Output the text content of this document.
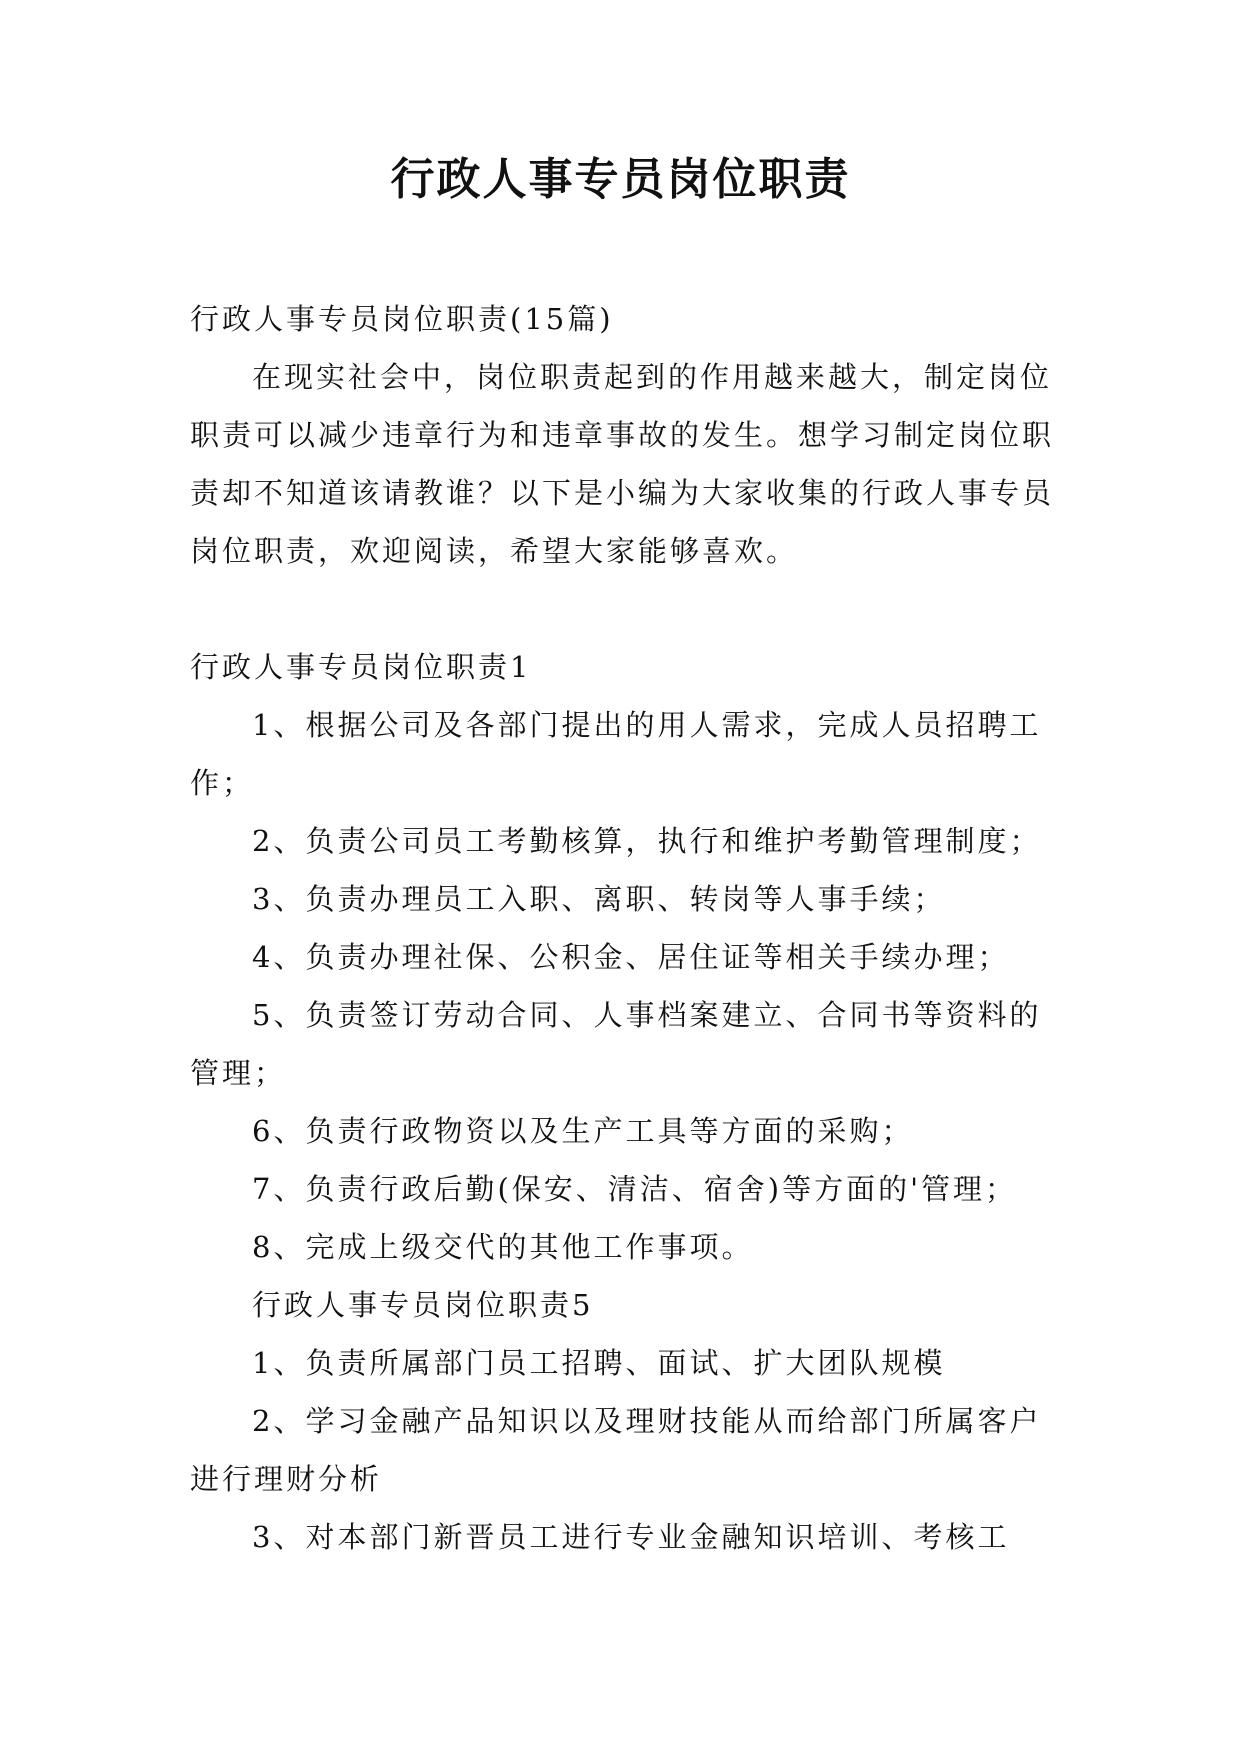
行政人事专员岗位职责

行政人事专员岗位职责(15篇)

在现实社会中，岗位职责起到的作用越来越大，制定岗位职责可以减少违章行为和违章事故的发生。想学习制定岗位职责却不知道该请教谁？以下是小编为大家收集的行政人事专员岗位职责，欢迎阅读，希望大家能够喜欢。

行政人事专员岗位职责1

1、根据公司及各部门提出的用人需求，完成人员招聘工作；

2、负责公司员工考勤核算，执行和维护考勤管理制度；

3、负责办理员工入职、离职、转岗等人事手续；

4、负责办理社保、公积金、居住证等相关手续办理；

5、负责签订劳动合同、人事档案建立、合同书等资料的管理；

6、负责行政物资以及生产工具等方面的采购；

7、负责行政后勤(保安、清洁、宿舍)等方面的'管理；

8、完成上级交代的其他工作事项。

行政人事专员岗位职责5

1、负责所属部门员工招聘、面试、扩大团队规模

2、学习金融产品知识以及理财技能从而给部门所属客户进行理财分析

3、对本部门新晋员工进行专业金融知识培训、考核工
